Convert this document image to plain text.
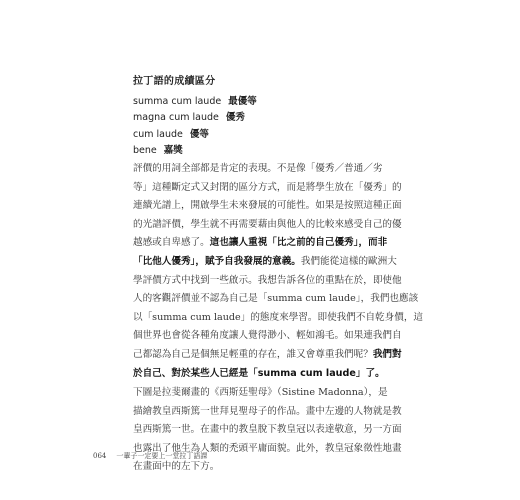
拉丁語的成績區分
summa cum laude 最優等
magna cum laude 優秀
cum laude 優等
bene 嘉獎
評價的用詞全部都是肯定的表現。不是像「優秀／普通／劣
等」這種斷定式又封閉的區分方式，而是將學生放在「優秀」的
連續光譜上，開啟學生未來發展的可能性。如果是按照這種正面
的光譜評價，學生就不再需要藉由與他人的比較來感受自己的優
越感或自卑感了。這也讓人重視「比之前的自己優秀」，而非
「比他人優秀」，賦予自我發展的意義。我們能從這樣的歐洲大
學評價方式中找到一些啟示。我想告訴各位的重點在於，即使他
人的客觀評價並不認為自己是「summa cum laude」，我們也應該
以「summa cum laude」的態度來學習。即使我們不自乾身價，這
個世界也會從各種角度讓人覺得渺小、輕如鴻毛。如果連我們自
己都認為自己是個無足輕重的存在，誰又會尊重我們呢？我們對
於自己、對於某些人已經是「summa cum laude」了。
下圖是拉斐爾畫的《西斯廷聖母》（Sistine Madonna），是
描繪教皇西斯篤一世拜見聖母子的作品。畫中左邊的人物就是教
皇西斯篤一世。在畫中的教皇脫下教皇冠以表達敬意，另一方面
也露出了他生為人類的禿頭平庸面貌。此外，教皇冠象徵性地畫
在畫面中的左下方。
064 一輩子一定要上一堂拉丁語課
